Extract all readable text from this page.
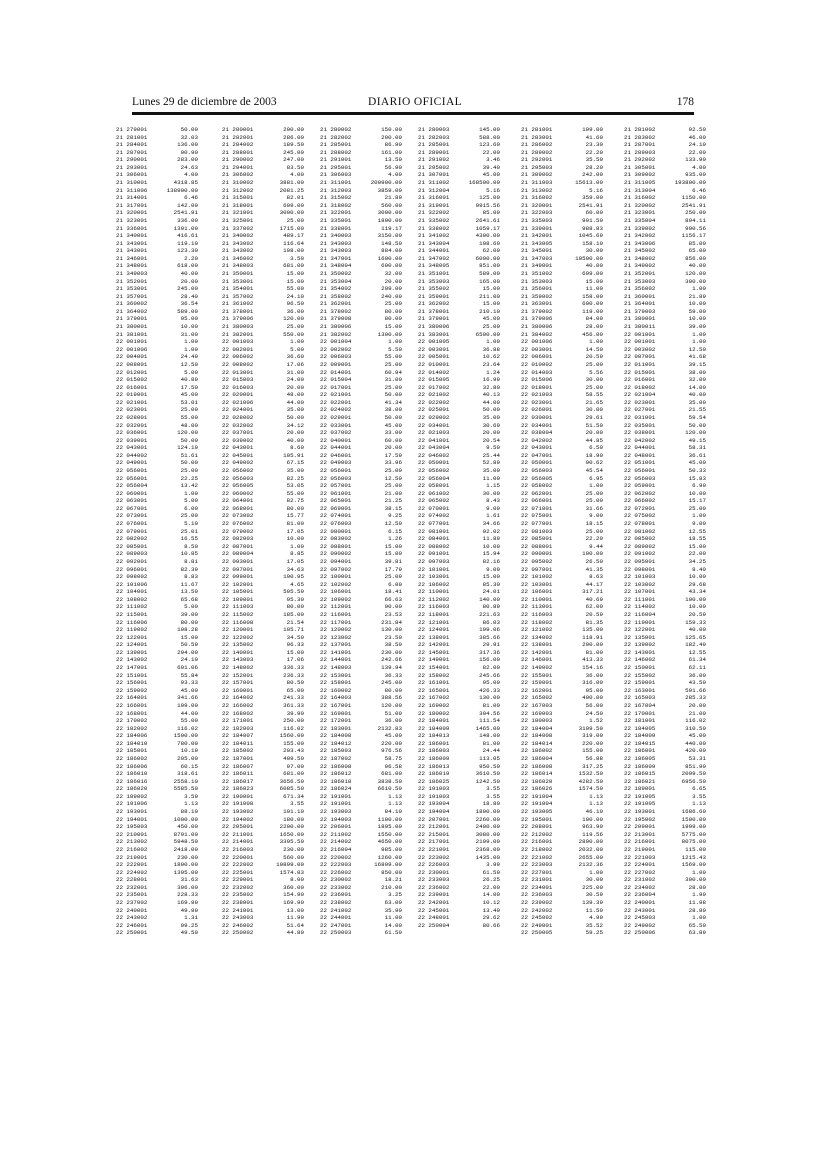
Lunes 29 de diciembre de 2003	DIARIO OFICIAL	178
21 279001	50.00
21 281001	32.03
21 284001	136.00
21 287001	90.90
21 290001	283.00
21 293001	24.63
21 306001	4.00
21 310001	4318.85
21 311006	138900.00
21 314001	6.46
21 317001	142.00
21 320001	2541.91
21 323001	336.00
21 336001	1301.09
21 340001	416.61
21 343001	119.10
21 343001	123.30
21 346001	2.20
21 348001	618.00
21 349003	40.00
21 352001	20.00
21 353001	245.00
21 357001	28.40
21 360002	36.54
21 364002	589.00
21 379001	95.00
21 380001	10.00
21 381001	31.00
22 001001	1.00
22 001006	1.00
22 004001	24.49
22 008001	12.50
22 012001	5.00
22 015002	40.89
22 016001	17.50
22 019001	45.00
22 021001	53.01
22 023001	25.00
22 028001	55.00
22 032001	48.00
22 036001	120.00
22 039001	50.00
22 043001	124.19
22 044002	51.61
22 049001	50.00
22 056001	25.00
22 056001	22.25
22 056004	13.42
22 060001	1.00
22 063001	5.00
22 067001	6.00
22 073001	25.00
22 076001	5.10
22 079001	25.01
22 082002	16.55
22 085001	8.50
22 089003	10.85
22 092001	8.81
22 096001	82.39
22 098002	8.83
22 101006	11.67
22 104001	13.50
22 108002	65.68
22 111002	5.00
22 115001	39.00
22 116006	80.00
22 119002	108.28
22 122001	15.00
22 124001	50.59
22 139001	294.00
22 143002	24.10
22 147001	601.06
22 151001	55.84
22 156001	93.33
22 159002	45.00
22 164001	341.66
22 166001	199.00
22 168001	44.00
22 170002	55.00
22 182002	116.02
22 184006	1500.00
22 184010	780.00
22 185001	10.19
22 186002	205.00
22 186006	60.15
22 186010	318.61
22 186016	2558.10
22 186020	5585.50
22 189002	3.59
22 191006	1.13
22 193001	88.10
22 194001	1000.00
22 195003	450.00
22 210001	8791.00
22 213002	5948.50
22 216002	2418.00
22 219001	230.00
22 222001	1800.00
22 224002	1395.00
22 228001	31.63
22 232001	306.00
22 235001	228.33
22 237002	169.90
22 240001	49.90
22 243002	1.31
22 246001	99.25
22 250001	49.50
21 280001	200.00
21 282001	286.00
21 284002	189.50
21 288001	245.00
21 290002	247.00
21 294001	83.50
21 306002	4.00
21 310002	3881.00
21 312002	2081.25
21 315001	82.01
21 318001	699.00
21 321001	3000.00
21 325001	25.00
21 337002	1715.00
21 340002	489.17
21 343002	116.64
21 343002	198.00
21 346002	3.50
21 348003	681.00
21 350001	15.00
21 353001	15.00
21 354001	55.00
21 357002	24.10
21 361002	96.50
21 378001	36.00
21 379006	120.00
21 380003	25.00
21 382001	550.00
22 001003	1.00
22 002001	5.00
22 006002	36.60
22 008002	17.06
22 013001	31.00
22 015003	24.00
22 016003	20.00
22 020001	48.00
22 021006	44.00
22 024001	35.00
22 028002	50.00
22 032002	34.12
22 037001	20.00
22 039002	40.00
22 043001	8.60
22 045001	105.91
22 049002	67.15
22 056002	35.00
22 056003	82.25
22 056005	53.05
22 060002	55.00
22 064001	82.75
22 068001	80.00
22 073002	15.77
22 076002	81.00
22 079002	17.05
22 082003	10.00
22 087001	1.00
22 089004	8.85
22 093001	17.05
22 097001	34.63
22 099001	190.95
22 102001	4.65
22 105001	595.59
22 109001	95.30
22 111003	80.00
22 115002	185.00
22 116008	21.54
22 120001	105.71
22 122002	34.50
22 135002	96.33
22 140001	15.00
22 143003	17.06
22 148002	336.33
22 152001	236.33
22 157001	80.50
22 160001	65.00
22 164002	241.33
22 166002	361.33
22 168002	39.90
22 171001	250.00
22 182003	116.02
22 184007	1560.00
22 184011	155.00
22 185002	203.43
22 187001	409.50
22 186007	97.00
22 186011	681.00
22 186017	3656.50
22 186023	6085.50
22 190001	671.34
22 191008	3.55
22 193002	101.10
22 194002	180.00
22 205001	2200.00
22 211001	1650.00
22 214001	3395.50
22 216003	230.00
22 220001	560.00
22 222002	10899.00
22 225001	1574.83
22 229001	8.00
22 232002	360.00
22 235002	154.90
22 238001	169.90
22 241001	13.00
22 243003	11.90
22 246002	51.64
22 250002	44.80
21 280002	150.00
21 282002	200.00
21 285001	86.90
21 288002	161.00
21 291001	13.50
21 295001	56.90
21 306003	4.00
21 311001	200900.00
21 312003	3859.00
21 315002	21.89
21 318002	560.00
21 322001	3000.00
21 335001	1800.00
21 338001	119.17
21 340003	3150.00
21 343003	148.50
21 343003	884.00
21 347001	1600.00
21 348004	690.00
21 350002	32.00
21 353004	20.00
21 354002	209.00
21 358002	240.00
21 362001	25.00
21 378002	80.00
21 379008	80.00
21 380006	15.00
21 382002	1300.00
22 001004	1.00
22 002002	5.50
22 006003	55.00
22 009001	25.00
22 014001	60.94
22 015004	31.00
22 017001	25.00
22 021001	50.00
22 022001	41.34
22 024002	38.00
22 029001	50.00
22 033001	45.00
22 037002	33.00
22 040001	60.00
22 044001	20.00
22 046001	17.59
22 049003	33.96
22 056001	25.00
22 056003	12.50
22 057001	25.00
22 061001	21.00
22 065001	21.25
22 069001	38.15
22 074001	9.25
22 076003	12.50
22 080001	6.15
22 083002	1.26
22 088001	15.00
22 090002	15.00
22 094001	39.81
22 097002	17.79
22 100001	25.09
22 102002	6.00
22 106001	18.41
22 109002	66.63
22 112001	90.00
22 116001	23.53
22 117001	231.84
22 120002	130.00
22 123002	23.50
22 137001	38.50
22 141001	230.00
22 144001	242.66
22 148003	139.94
22 153001	36.33
22 158001	245.00
22 160002	80.00
22 164003	388.56
22 167001	120.00
22 169001	51.00
22 172001	36.00
22 183001	2132.83
22 184008	45.00
22 184012	220.00
22 185003	976.56
22 187002	58.75
22 186008	96.58
22 186012	681.00
22 186018	3838.50
22 186024	6610.50
22 191001	1.13
22 191001	1.13
22 193003	84.10
22 194003	1100.00
22 206001	1895.00
22 211002	1550.00
22 214002	4650.00
22 216004	985.00
22 220002	1260.00
22 222003	16899.00
22 226002	850.00
22 230002	18.21
22 233002	210.00
22 236001	3.25
22 238002	63.00
22 241002	35.90
22 244001	11.00
22 247001	14.00
22 250003	61.50
21 280003	145.00
21 282003	588.00
21 285001	123.60
21 289001	22.00
21 291002	3.46
21 295002	39.40
21 307001	45.00
21 311002	168500.00
21 312004	5.16
21 316001	125.00
21 319001	9915.56
21 322002	85.00
21 335002	2641.61
21 338002	1059.17
21 341002	4300.00
21 343004	108.60
21 344001	62.00
21 347002	6000.00
21 348005	851.00
21 351001	589.00
21 353003	165.00
21 355002	15.00
21 359001	211.00
21 362002	15.00
21 378001	210.10
21 379001	45.00
21 380006	25.00
21 383001	6500.00
22 001005	1.00
22 003001	36.88
22 005001	10.62
22 010001	23.64
22 014002	1.24
22 015005	16.99
22 017002	32.80
22 021002	40.13
22 022002	44.00
22 025001	50.00
22 029002	35.00
22 034001	30.69
22 021003	20.00
22 041001	20.54
22 043004	9.50
22 046002	25.44
22 050001	52.89
22 056002	35.00
22 056004	11.00
22 058001	1.15
22 061002	30.00
22 065002	8.43
22 070001	9.00
22 074002	1.61
22 077001	34.66
22 081001	92.02
22 084001	11.89
22 088002	10.00
22 091001	15.94
22 097003	82.16
22 101001	9.09
22 103001	15.00
22 106002	85.30
22 110001	24.01
22 112002	140.00
22 116003	80.89
22 118001	221.63
22 121001	86.03
22 124001	199.06
22 138001	385.66
22 142001	29.91
22 145001	317.36
22 149001	156.00
22 154001	82.00
22 158002	245.66
22 161001	95.00
22 165001	426.33
22 167002	130.00
22 169002	81.00
22 180002	304.56
22 184001	111.54
22 184009	1465.00
22 184013	148.00
22 186001	81.00
22 186003	24.44
22 186009	113.05
22 186013	950.50
22 186019	3610.50
22 186025	1242.50
22 191003	3.55
22 191003	3.55
22 193004	18.80
22 194004	1800.00
22 207001	2260.00
22 212001	2400.00
22 215001	3080.00
22 217001	2199.00
22 221001	2368.00
22 223002	1435.00
22 226003	3.99
22 230001	61.59
22 233003	26.25
22 236002	22.00
22 239001	14.00
22 242001	10.12
22 245001	13.40
22 248001	29.62
22 250004	80.66
21 281001	109.00
21 283001	41.60
21 286002	23.30
21 289002	22.20
21 292001	35.50
21 295003	28.20
21 309002	242.00
21 311003	15613.00
21 313002	5.16
21 316002	359.00
21 320001	2541.91
21 322003	60.00
21 335003	991.50
21 339001	988.83
21 342001	1045.69
21 343005	158.10
21 345001	30.00
21 347003	10500.00
21 349001	40.00
21 351002	699.00
21 353003	15.00
21 356001	11.00
21 359002	158.00
21 363001	600.00
21 379002	119.00
21 379006	84.00
21 380006	28.00
21 384002	456.00
22 001006	1.00
22 003001	14.50
22 006001	20.59
22 010002	25.00
22 014003	5.56
22 015006	30.00
22 018001	25.00
22 021003	58.55
22 023001	21.65
22 026001	30.00
22 030001	29.61
22 034001	51.50
22 038004	20.00
22 042002	44.85
22 043001	6.50
22 047001	18.90
22 050001	90.62
22 056003	45.54
22 056005	6.95
22 058002	1.00
22 062001	25.00
22 066001	25.00
22 071001	31.66
22 075001	9.00
22 077001	18.15
22 081003	25.00
22 085001	22.20
22 088001	9.44
22 090001	100.00
22 095002	26.50
22 097001	41.35
22 101002	8.63
22 103001	44.17
22 106001	317.21
22 110001	40.69
22 113001	62.00
22 116003	20.59
22 118002	81.35
22 121002	135.00
22 134002	118.91
22 138001	290.00
22 142001	81.00
22 146001	413.33
22 149002	154.16
22 155001	36.00
22 159001	316.00
22 162001	95.00
22 165002	400.00
22 167003	56.00
22 169003	24.50
22 180003	1.52
22 184004	3109.50
22 184008	319.00
22 184014	220.00
22 186002	155.00
22 186004	56.88
22 186008	317.25
22 186014	1532.50
22 186020	4282.50
22 186026	1574.50
22 191004	1.13
22 191004	1.13
22 193005	46.10
22 195001	100.00
22 208001	963.90
22 212002	119.56
22 216001	2800.00
22 218002	2032.00
22 221002	2655.00
22 223003	2132.36
22 227001	1.00
22 231001	30.00
22 234001	225.00
22 236003	30.59
22 239002	139.39
22 242002	11.50
22 245002	4.99
22 249001	35.52
22 250005	59.25
21 281002	92.50
21 283002	46.00
21 287001	24.10
21 289003	22.00
21 292002	133.90
21 305001	4.00
21 309002	935.00
21 311005	193800.00
21 313004	6.46
21 316002	1150.00
21 320002	2541.91
21 323001	250.00
21 335004	894.11
21 339002	990.56
21 342002	1156.17
21 343006	85.00
21 345002	65.00
21 348002	856.00
21 349002	40.00
21 352001	120.00
21 353003	300.00
21 356002	1.00
21 360001	21.89
21 364001	10.00
21 379003	59.00
21 380001	10.00
21 380011	39.00
22 001001	1.00
22 001001	1.00
22 003002	12.50
22 007001	41.68
22 011001	39.15
22 015001	38.00
22 016001	32.00
22 018002	14.00
22 021004	40.00
22 023001	35.00
22 027001	21.55
22 031001	59.54
22 035001	50.00
22 038001	120.00
22 042002	49.15
22 044001	58.31
22 048001	36.61
22 051001	45.00
22 056001	50.33
22 056003	15.83
22 059001	6.90
22 062002	10.00
22 066002	15.17
22 072001	25.00
22 075002	1.00
22 078001	9.00
22 081002	12.55
22 085002	18.55
22 089002	15.00
22 091002	22.00
22 095001	34.25
22 098001	8.40
22 101003	10.00
22 103002	29.68
22 107001	43.34
22 111001	100.00
22 114002	10.00
22 116004	20.59
22 119001	159.33
22 122001	40.00
22 135001	125.65
22 139002	182.40
22 143001	12.55
22 146002	61.34
22 150001	62.11
22 155002	36.00
22 159001	43.50
22 163001	591.66
22 165003	285.33
22 167004	20.00
22 170001	21.00
22 181001	116.02
22 184005	310.50
22 184009	45.00
22 184015	440.00
22 186001	420.00
22 186005	53.31
22 186009	851.90
22 186015	2099.50
22 186021	6956.50
22 189001	6.65
22 191005	3.55
22 191005	1.13
22 193001	1686.60
22 195002	1500.00
22 209001	1999.00
22 213001	5775.00
22 216001	8075.00
22 219001	115.00
22 221003	1215.43
22 224001	1569.00
22 227002	1.00
22 231002	300.00
22 234002	28.00
22 236004	1.90
22 240001	11.98
22 243001	28.80
22 245003	1.00
22 249002	65.50
22 250006	63.89
